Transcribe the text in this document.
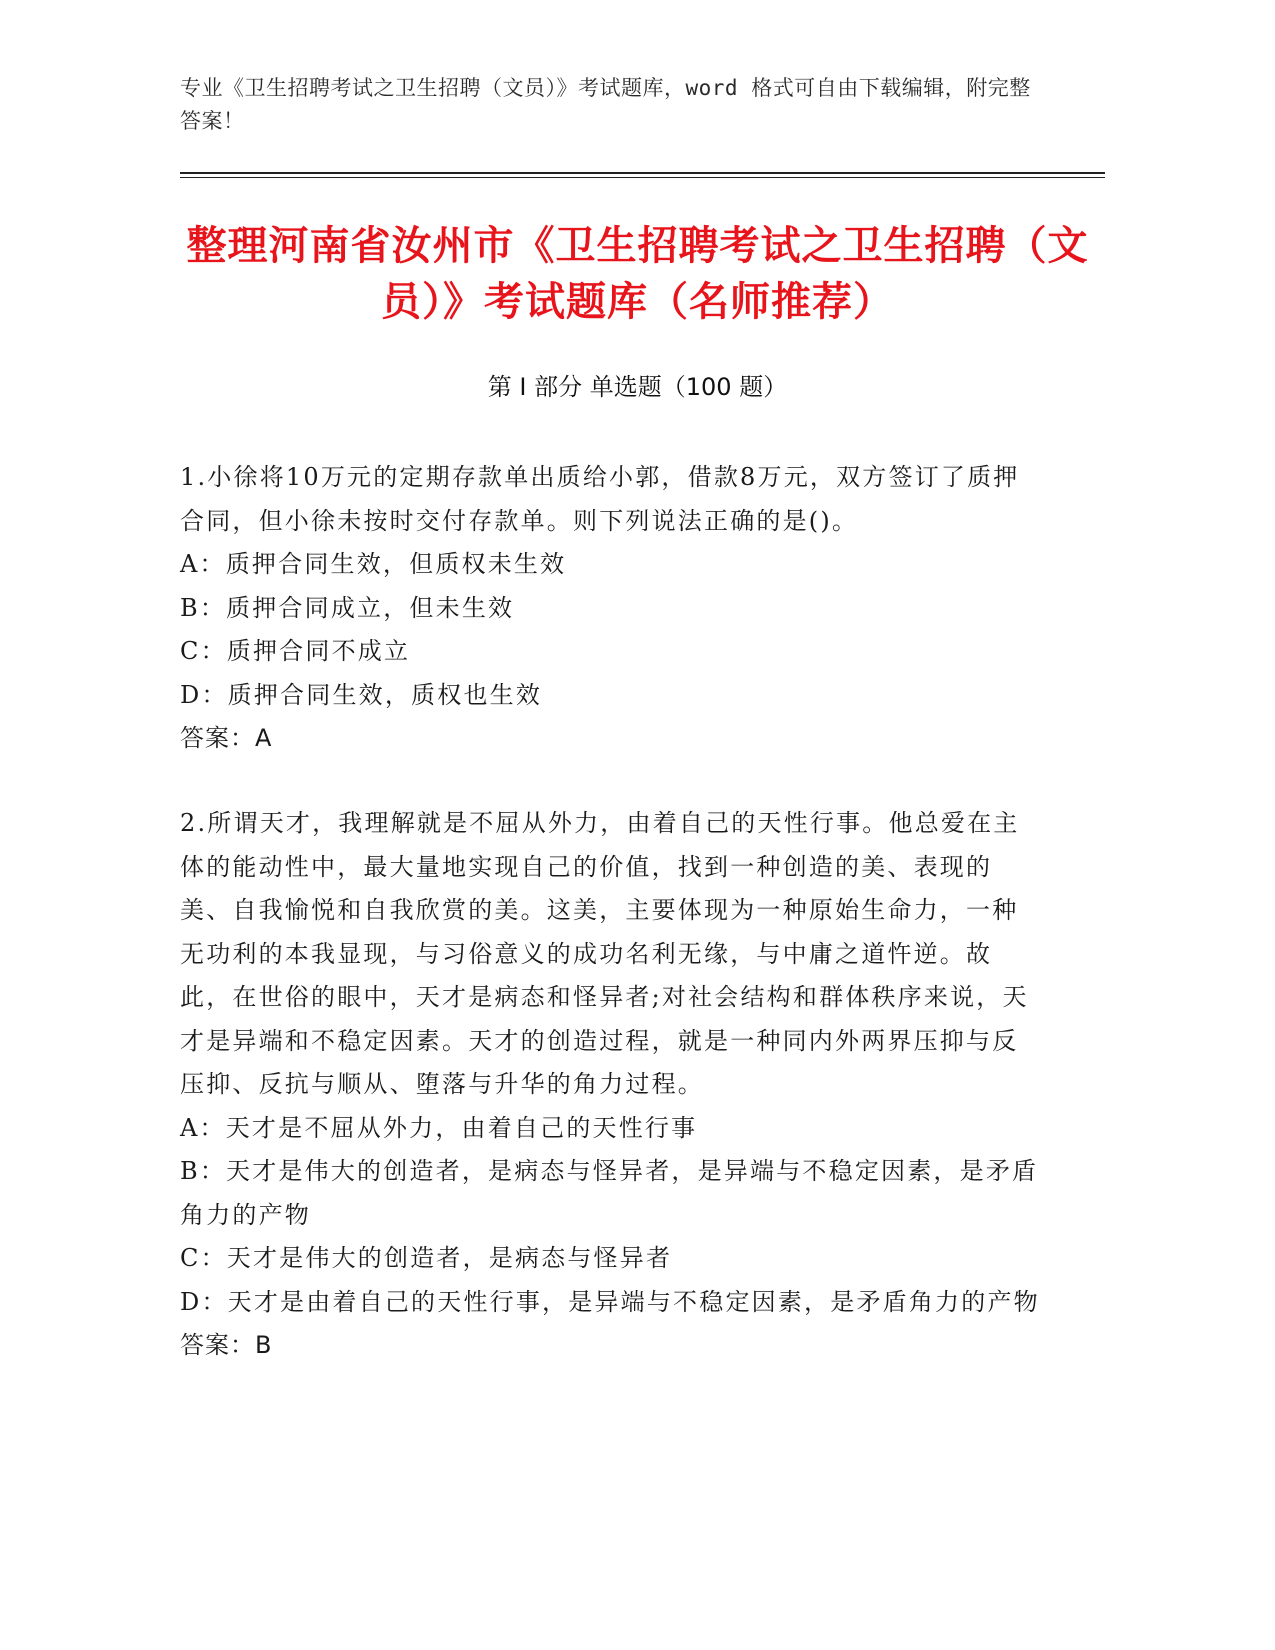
专业《卫生招聘考试之卫生招聘（文员）》考试题库，word 格式可自由下载编辑，附完整答案！
整理河南省汝州市《卫生招聘考试之卫生招聘（文员）》考试题库（名师推荐）
第 I 部分 单选题（100 题）

1.小徐将10万元的定期存款单出质给小郭，借款8万元，双方签订了质押合同，但小徐未按时交付存款单。则下列说法正确的是()。

A：质押合同生效，但质权未生效

B：质押合同成立，但未生效

C：质押合同不成立

D：质押合同生效，质权也生效

答案：A

2.所谓天才，我理解就是不屈从外力，由着自己的天性行事。他总爱在主体的能动性中，最大量地实现自己的价值，找到一种创造的美、表现的美、自我愉悦和自我欣赏的美。这美，主要体现为一种原始生命力，一种无功利的本我显现，与习俗意义的成功名利无缘，与中庸之道忤逆。故此，在世俗的眼中，天才是病态和怪异者;对社会结构和群体秩序来说，天才是异端和不稳定因素。天才的创造过程，就是一种同内外两界压抑与反压抑、反抗与顺从、堕落与升华的角力过程。

A：天才是不屈从外力，由着自己的天性行事

B：天才是伟大的创造者，是病态与怪异者，是异端与不稳定因素，是矛盾角力的产物

C：天才是伟大的创造者，是病态与怪异者

D：天才是由着自己的天性行事，是异端与不稳定因素，是矛盾角力的产物

答案：B
